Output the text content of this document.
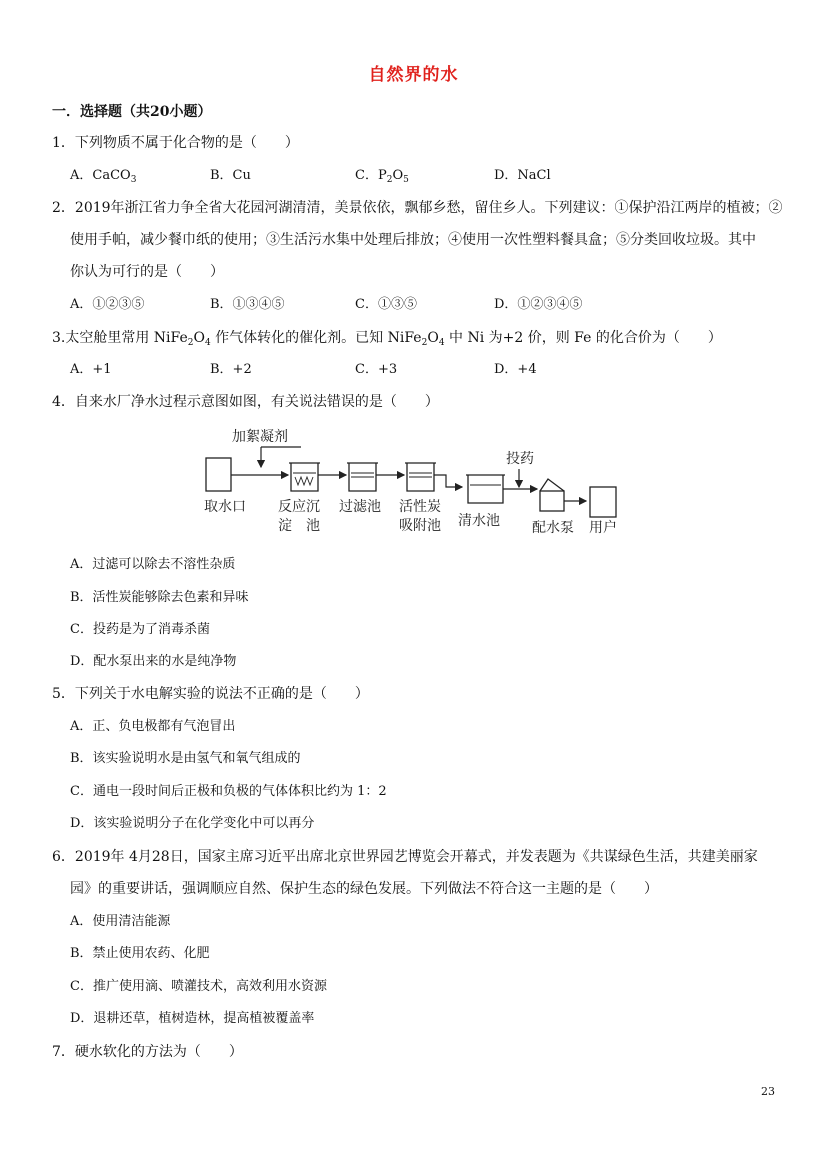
自然界的水
一．选择题（共20小题）
1．下列物质不属于化合物的是（　　）
A．CaCO$_3$	B．Cu	C．$P_2O_5$	D．NaCl
2．2019年浙江省力争全省大花园河湖清清，美景依依，飘郁乡愁，留住乡人。下列建议：①保护沿江两岸的植被；②
使用手帕，减少餐巾纸的使用；③生活污水集中处理后排放；④使用一次性塑料餐具盒；⑤分类回收垃圾。其中
你认为可行的是（　　）
A．①②③⑤	B．①③④⑤	C．①③⑤	D．①②③④⑤
3.太空舱里常用 $NiFe_2O_4$ 作气体转化的催化剂。已知 $NiFe_2O_4$ 中 Ni 为+2 价，则 Fe 的化合价为（　　）
A．+1	B．+2	C．+3	D．+4
4．自来水厂净水过程示意图如图，有关说法错误的是（　　）
加絮凝剂
取水口 反应沉
淀　池
过滤池 活性炭
吸附池 清水池
投药
配水泵 用户
A．过滤可以除去不溶性杂质
B．活性炭能够除去色素和异味
C．投药是为了消毒杀菌
D．配水泵出来的水是纯净物
5．下列关于水电解实验的说法不正确的是（　　）
A．正、负电极都有气泡冒出
B．该实验说明水是由氢气和氧气组成的
C．通电一段时间后正极和负极的气体体积比约为 1：2
D．该实验说明分子在化学变化中可以再分
6．2019年 4月28日，国家主席习近平出席北京世界园艺博览会开幕式，并发表题为《共谋绿色生活，共建美丽家
园》的重要讲话，强调顺应自然、保护生态的绿色发展。下列做法不符合这一主题的是（　　）
A．使用清洁能源
B．禁止使用农药、化肥
C．推广使用滴、喷灌技术，高效利用水资源
D．退耕还草，植树造林，提高植被覆盖率
7．硬水软化的方法为（　　）
23
